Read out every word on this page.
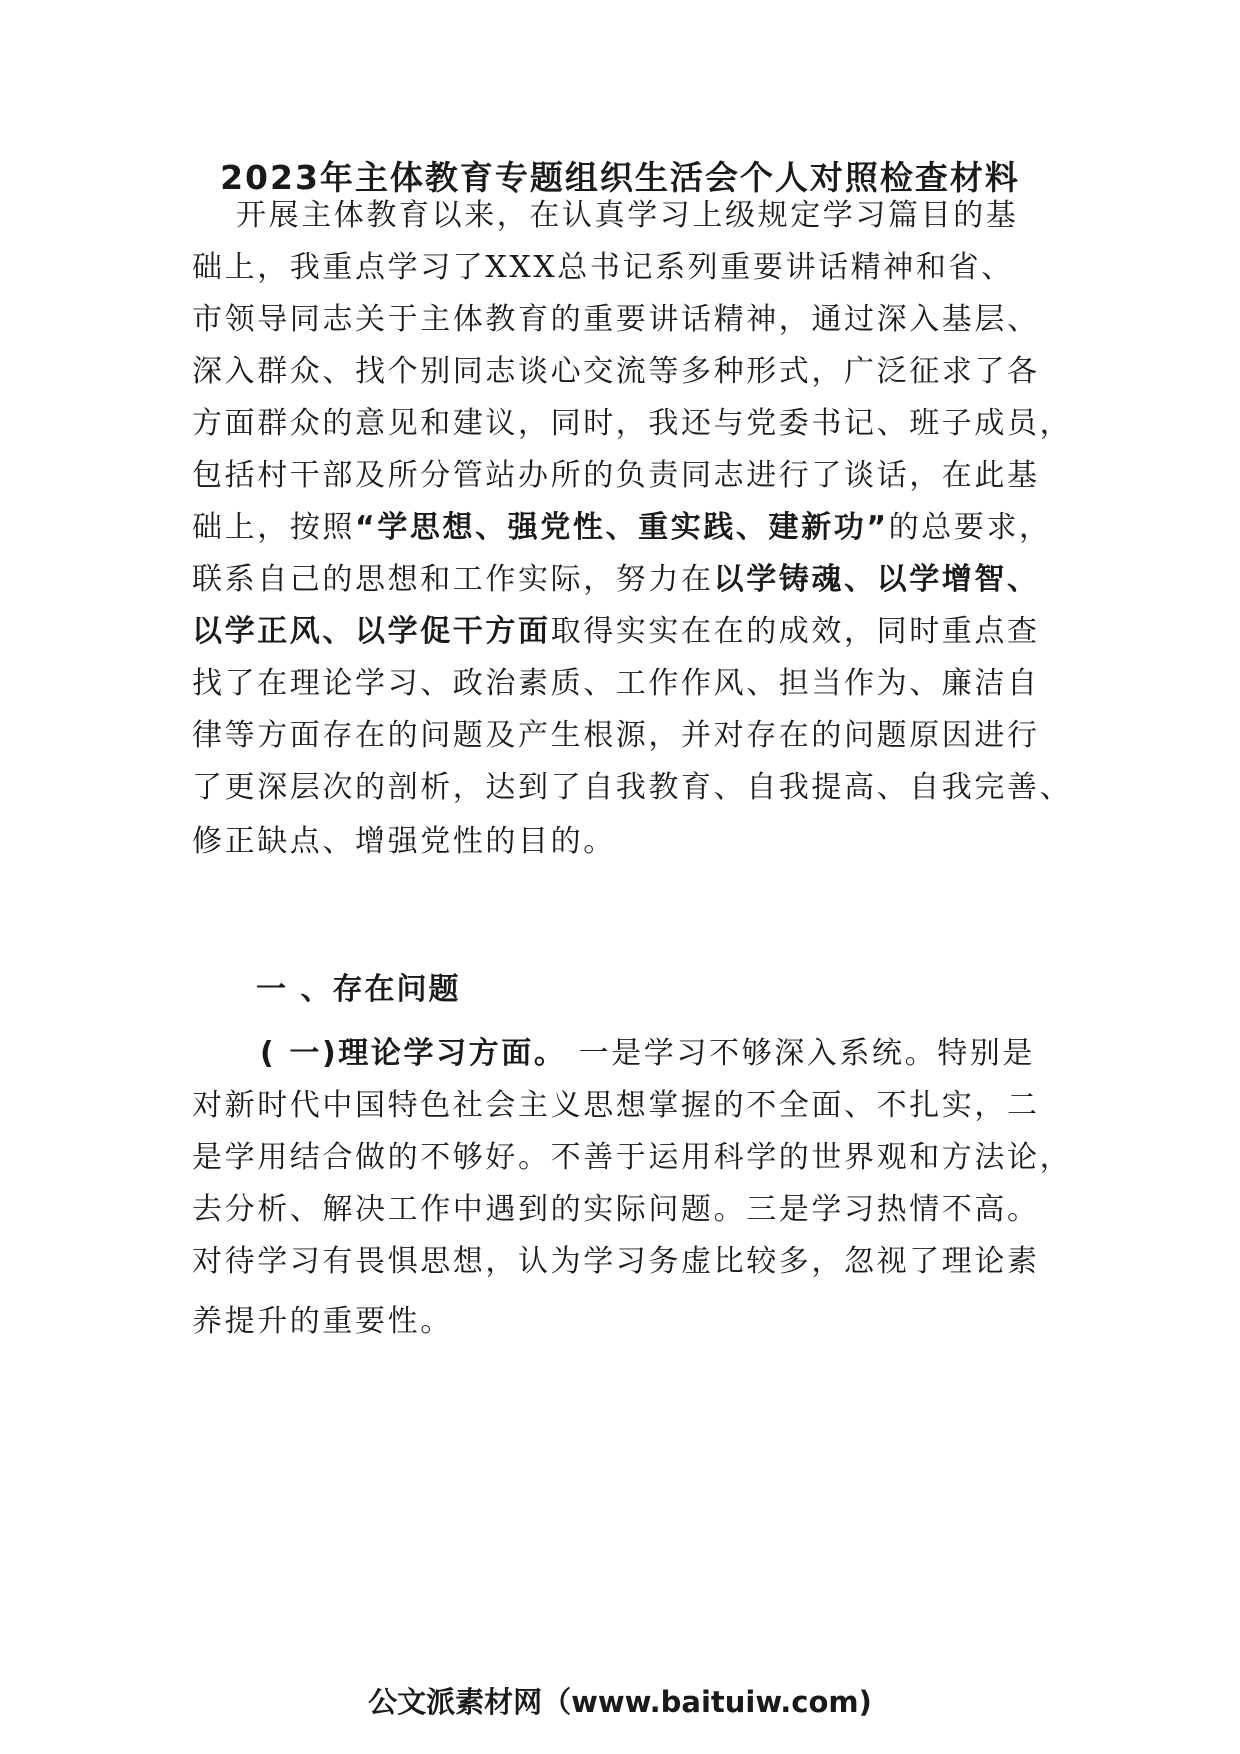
2023年主体教育专题组织生活会个人对照检查材料

开展主体教育以来，在认真学习上级规定学习篇目的基

础上，我重点学习了XXX总书记系列重要讲话精神和省、

市领导同志关于主体教育的重要讲话精神，通过深入基层、

深入群众、找个别同志谈心交流等多种形式，广泛征求了各

方面群众的意见和建议，同时，我还与党委书记、班子成员，

包括村干部及所分管站办所的负责同志进行了谈话，在此基

础上，按照“学思想、强党性、重实践、建新功”的总要求，

联系自己的思想和工作实际，努力在以学铸魂、以学增智、

以学正风、以学促干方面取得实实在在的成效，同时重点查

找了在理论学习、政治素质、工作作风、担当作为、廉洁自

律等方面存在的问题及产生根源，并对存在的问题原因进行

了更深层次的剖析，达到了自我教育、自我提高、自我完善、

修正缺点、增强党性的目的。

一 、存在问题

( 一)理论学习方面。 一是学习不够深入系统。特别是

对新时代中国特色社会主义思想掌握的不全面、不扎实，二

是学用结合做的不够好。不善于运用科学的世界观和方法论，

去分析、解决工作中遇到的实际问题。三是学习热情不高。

对待学习有畏惧思想，认为学习务虚比较多，忽视了理论素

养提升的重要性。

公文派素材网（www.baituiw.com)
